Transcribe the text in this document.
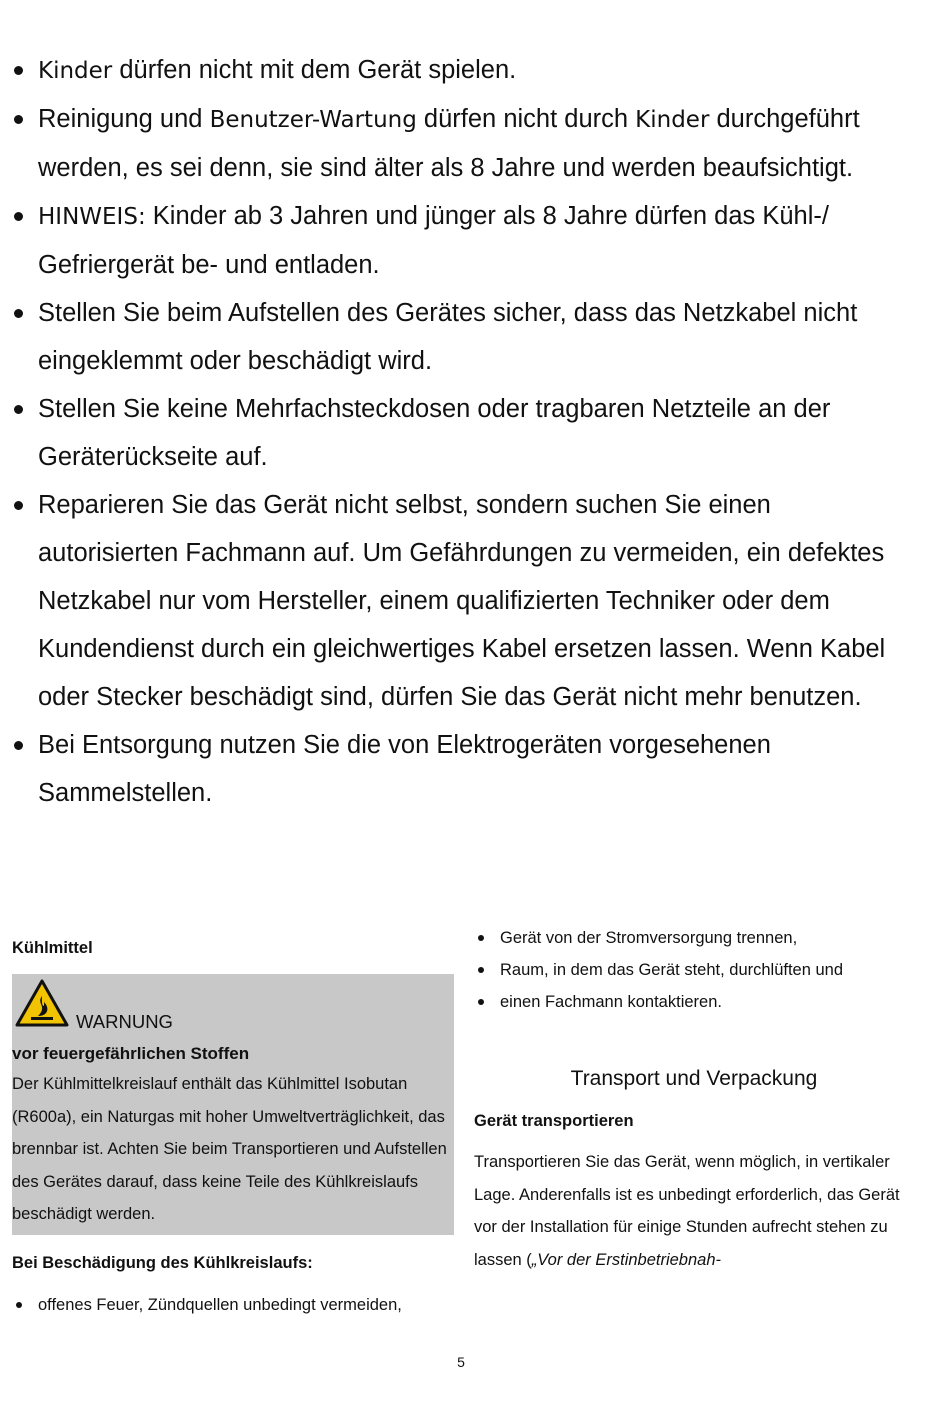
Kinder dürfen nicht mit dem Gerät spielen.
Reinigung und Benutzer-Wartung dürfen nicht durch Kinder durchgeführt werden, es sei denn, sie sind älter als 8 Jahre und werden beaufsichtigt.
HINWEIS: Kinder ab 3 Jahren und jünger als 8 Jahre dürfen das Kühl-/ Gefriergerät be- und entladen.
Stellen Sie beim Aufstellen des Gerätes sicher, dass das Netzkabel nicht eingeklemmt oder beschädigt wird.
Stellen Sie keine Mehrfachsteckdosen oder tragbaren Netzteile an der Geräterückseite auf.
Reparieren Sie das Gerät nicht selbst, sondern suchen Sie einen autorisierten Fachmann auf. Um Gefährdungen zu vermeiden, ein defektes Netzkabel nur vom Hersteller, einem qualifizierten Techniker oder dem Kundendienst durch ein gleichwertiges Kabel ersetzen lassen. Wenn Kabel oder Stecker beschädigt sind, dürfen Sie das Gerät nicht mehr benutzen.
Bei Entsorgung nutzen Sie die von Elektrogeräten vorgesehenen Sammelstellen.
Kühlmittel
WARNUNG
vor feuergefährlichen Stoffen

Der Kühlmittelkreislauf enthält das Kühlmittel Isobutan (R600a), ein Naturgas mit hoher Umweltverträglichkeit, das brennbar ist. Achten Sie beim Transportieren und Aufstellen des Gerätes darauf, dass keine Teile des Kühlkreislaufs beschädigt werden.

Bei Beschädigung des Kühlkreislaufs:
offenes Feuer, Zündquellen unbedingt vermeiden,
Gerät von der Stromversorgung trennen,
Raum, in dem das Gerät steht, durchlüften und
einen Fachmann kontaktieren.
Transport und Verpackung
Gerät transportieren
Transportieren Sie das Gerät, wenn möglich, in vertikaler Lage. Anderenfalls ist es unbedingt erforderlich, das Gerät vor der Installation für einige Stunden aufrecht stehen zu lassen („Vor der Erstinbetriebnah-
5
